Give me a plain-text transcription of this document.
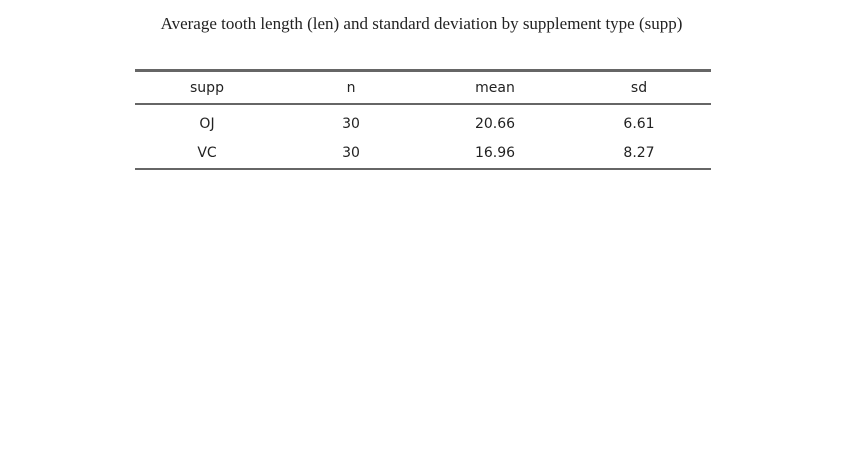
Average tooth length (len) and standard deviation by supplement type (supp)
supp	n	mean	sd
OJ	30	20.66	6.61
VC	30	16.96	8.27
